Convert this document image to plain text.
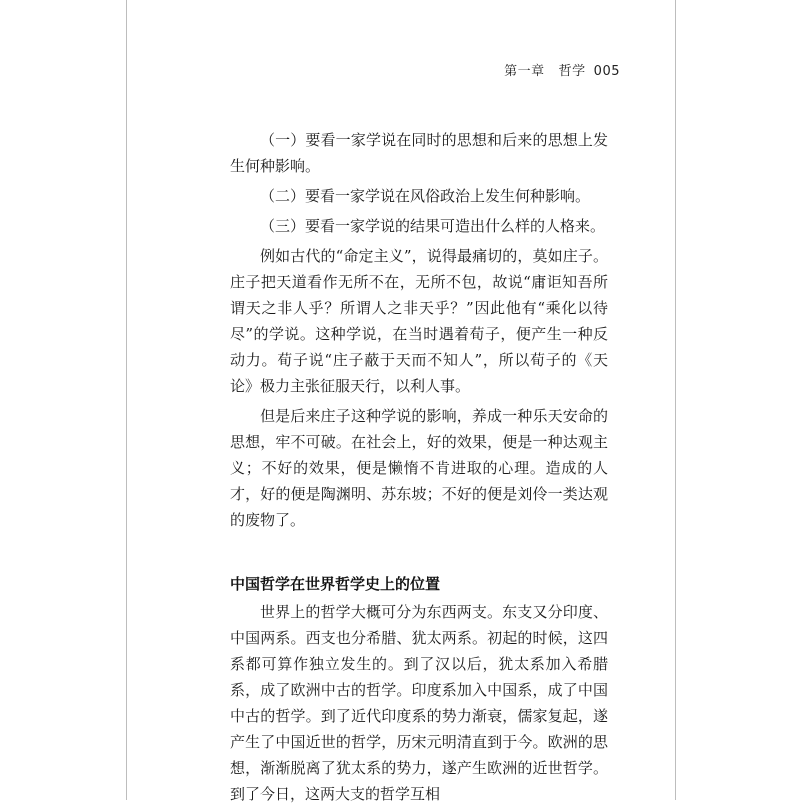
第一章 哲学 005

（一）要看一家学说在同时的思想和后来的思想上发生何种影响。

（二）要看一家学说在风俗政治上发生何种影响。

（三）要看一家学说的结果可造出什么样的人格来。

例如古代的“命定主义”，说得最痛切的，莫如庄子。庄子把天道看作无所不在，无所不包，故说“庸讵知吾所谓天之非人乎？所谓人之非天乎？”因此他有“乘化以待尽”的学说。这种学说，在当时遇着荀子，便产生一种反动力。荀子说“庄子蔽于天而不知人”，所以荀子的《天论》极力主张征服天行，以利人事。

但是后来庄子这种学说的影响，养成一种乐天安命的思想，牢不可破。在社会上，好的效果，便是一种达观主义；不好的效果，便是懒惰不肯进取的心理。造成的人才，好的便是陶渊明、苏东坡；不好的便是刘伶一类达观的废物了。

中国哲学在世界哲学史上的位置

世界上的哲学大概可分为东西两支。东支又分印度、中国两系。西支也分希腊、犹太两系。初起的时候，这四系都可算作独立发生的。到了汉以后，犹太系加入希腊系，成了欧洲中古的哲学。印度系加入中国系，成了中国中古的哲学。到了近代印度系的势力渐衰，儒家复起，遂产生了中国近世的哲学，历宋元明清直到于今。欧洲的思想，渐渐脱离了犹太系的势力，遂产生欧洲的近世哲学。到了今日，这两大支的哲学互相
